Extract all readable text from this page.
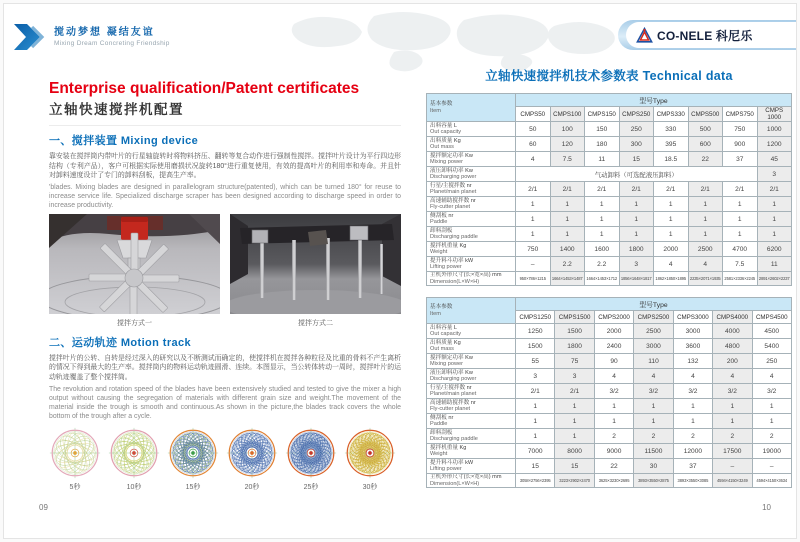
搅动梦想 凝结友谊
Mixing Dream Concreting Friendship
CO-NELE 科尼乐
Enterprise qualification/Patent certificates
立轴快速搅拌机配置
一、搅拌装置 Mixing device

靠安装在搅拌筒内带叶片的行星轴旋转时将物料挤压、翻转等复合动作进行强制性搅拌。搅拌叶片设计为平行四边形结构（专利产品），客户可根据实际使用磨损状况旋转180°进行重复使用，有效的提高叶片的利用率和寿命。并且针对卸料速度设计了专门的卸料刮板，提高生产率。

'blades. Mixing blades are designed in parallelogram structure(patented), which can be turned 180° for reuse to increase service life. Specialized discharge scraper has been designed according to discharge speed in order to increase productivity.

搅拌方式一	搅拌方式二
二、运动轨迹 Motion track

搅拌叶片的公转、自转是经过深入的研究以及不断测试而确定的，使搅拌机在搅拌各种粒径及比重的骨料不产生离析的情况下得到最大的生产率。搅拌筒内的物料运动轨迹圆滑、连续。本图显示，当公转体转动一周时，搅拌叶片的运动轨迹覆盖了整个搅拌筒。

The revolution and rotation speed of the blades have been extensively studied and tested to give the mixer a high output without causing the segregation of materials with different grain size and weight.The movement of the material inside the trough is smooth and continuous.As shown in the picture,the blades track covers the whole bottom of the trough after a cycle.

5秒	10秒	15秒	20秒	25秒	30秒
09
立轴快速搅拌机技术参数表 Technical data
基本参数
Item	型号Type							
	CMPS50	CMPS100	CMPS150	CMPS250	CMPS330	CMPS500	CMPS750	CMPS 1000

出料容量 L
Out capacity	50	100	150	250	330	500	750	1000

出料质量 Kg
Out mass	60	120	180	300	395	600	900	1200

搅拌额定功率 Kw
Mixing power	4	7.5	11	15	18.5	22	37	45

液压卸料功率 Kw
Discharging power	气动卸料（可选配液压卸料）							3

行星/主搅拌数 nr
Planet/main planet	2/1	2/1	2/1	2/1	2/1	2/1	2/1	2/1

高速辅助搅拌数 nr
Fly-cutter planet	1	1	1	1	1	1	1	1

侧刮板 nr
Paddle	1	1	1	1	1	1	1	1

卸料刮板
Discharging paddle	1	1	1	1	1	1	1	1

搅拌机重量 Kg
Weight	750	1400	1600	1800	2000	2500	4700	6200

提升料斗功率 kW
Lifting power	–	2.2	2.2	3	4	4	7.5	11

主机外形尺寸(长×宽×高) mm
Dimension(L×W×H)	950×786×1215	1664×1453×1487	1664×1453×1712	1856×1648×1817	1862×1850×1895	2235×2071×1935	2581×2336×2245	2891×2602×2237
基本参数
Item	型号Type						
	CMPS1250	CMPS1500	CMPS2000	CMPS2500	CMPS3000	CMPS4000	CMPS4500

出料容量 L
Out capacity	1250	1500	2000	2500	3000	4000	4500

出料质量 Kg
Out mass	1500	1800	2400	3000	3600	4800	5400

搅拌额定功率 Kw
Mixing power	55	75	90	110	132	200	250

液压卸料功率 Kw
Discharging power	3	3	4	4	4	4	4

行星/主搅拌数 nr
Planet/main planet	2/1	2/1	3/2	3/2	3/2	3/2	3/2

高速辅助搅拌数 nr
Fly-cutter planet	1	1	1	1	1	1	1

侧刮板 nr
Paddle	1	1	1	1	1	1	1

卸料刮板
Discharging paddle	1	1	2	2	2	2	2

搅拌机重量 Kg
Weight	7000	8000	9000	11500	12000	17500	19000

提升料斗功率 kW
Lifting power	15	15	22	30	37	–	–

主机外形尺寸(长×宽×高) mm
Dimension(L×W×H)	3058×2756×2395	3223×2902×2470	3625×3230×2695	3893×3550×2875	3893×3550×3085	4594×4150×3249	4594×4150×3634
10
